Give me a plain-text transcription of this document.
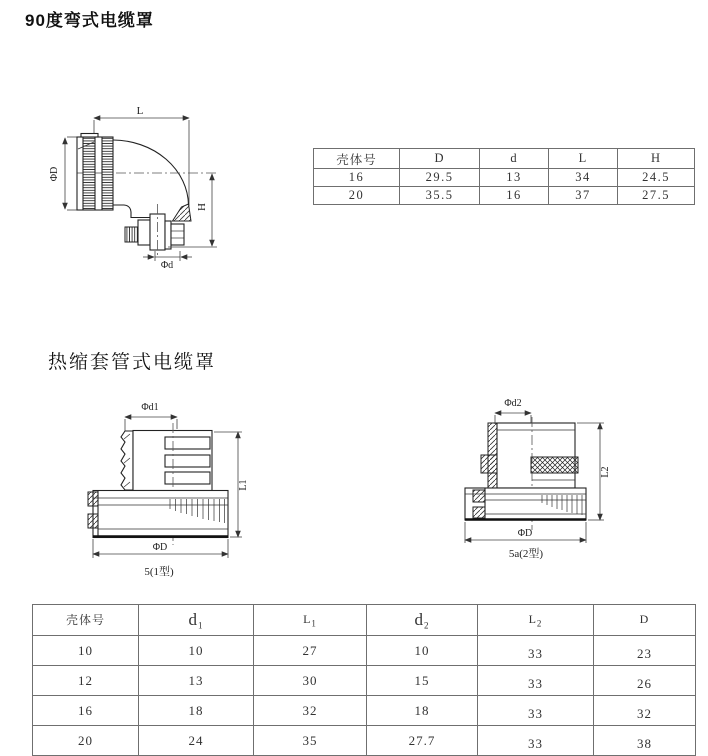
90度弯式电缆罩
L
ΦD
H
Φd
壳体号	D	d	L	H
16	29.5	13	34	24.5
20	35.5	16	37	27.5
热缩套管式电缆罩
Φd1
ΦD
L1
5(1型)
Φd2
ΦD
L2
5a(2型)
壳体号	$d_1$	$L_1$	$d_2$	$L_2$	D
10	10	27	10	33	23
12	13	30	15	33	26
16	18	32	18	33	32
20	24	35	27.7	33	38
